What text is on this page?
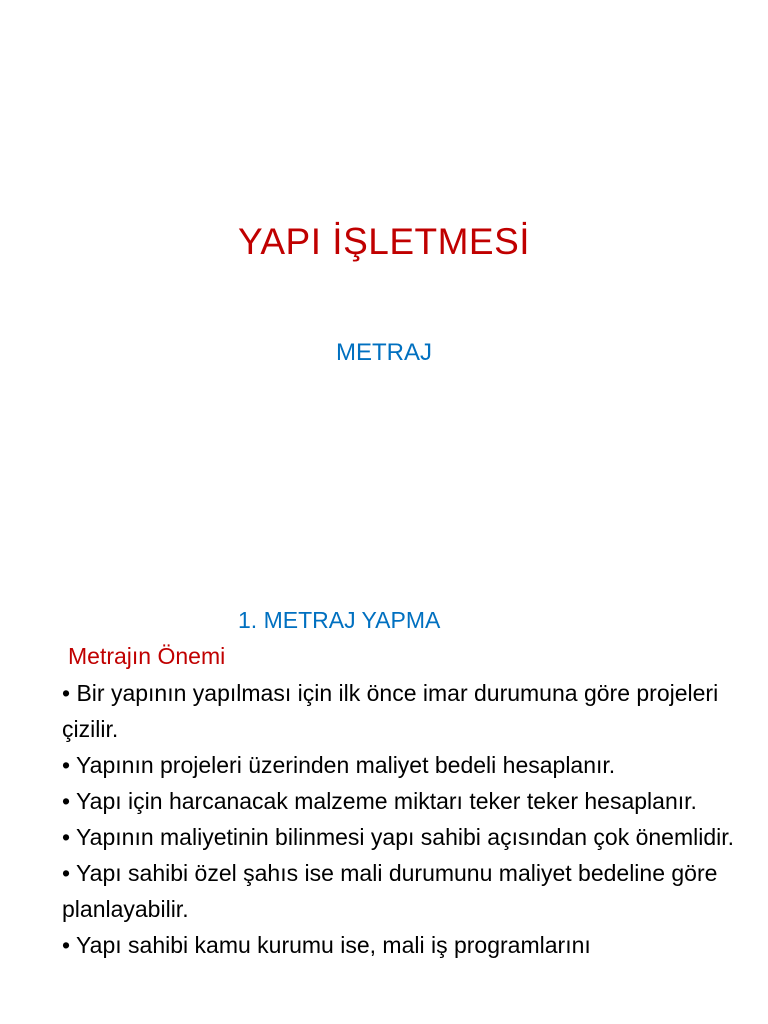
YAPI İŞLETMESİ
METRAJ
1. METRAJ YAPMA
Metrajın Önemi
• Bir yapının yapılması için ilk önce imar durumuna göre projeleri çizilir.
• Yapının projeleri üzerinden maliyet bedeli hesaplanır.
• Yapı için harcanacak malzeme miktarı teker teker hesaplanır.
• Yapının maliyetinin bilinmesi yapı sahibi açısından çok önemlidir.
• Yapı sahibi özel şahıs ise mali durumunu maliyet bedeline göre planlayabilir.
• Yapı sahibi kamu kurumu ise, mali iş programlarını
